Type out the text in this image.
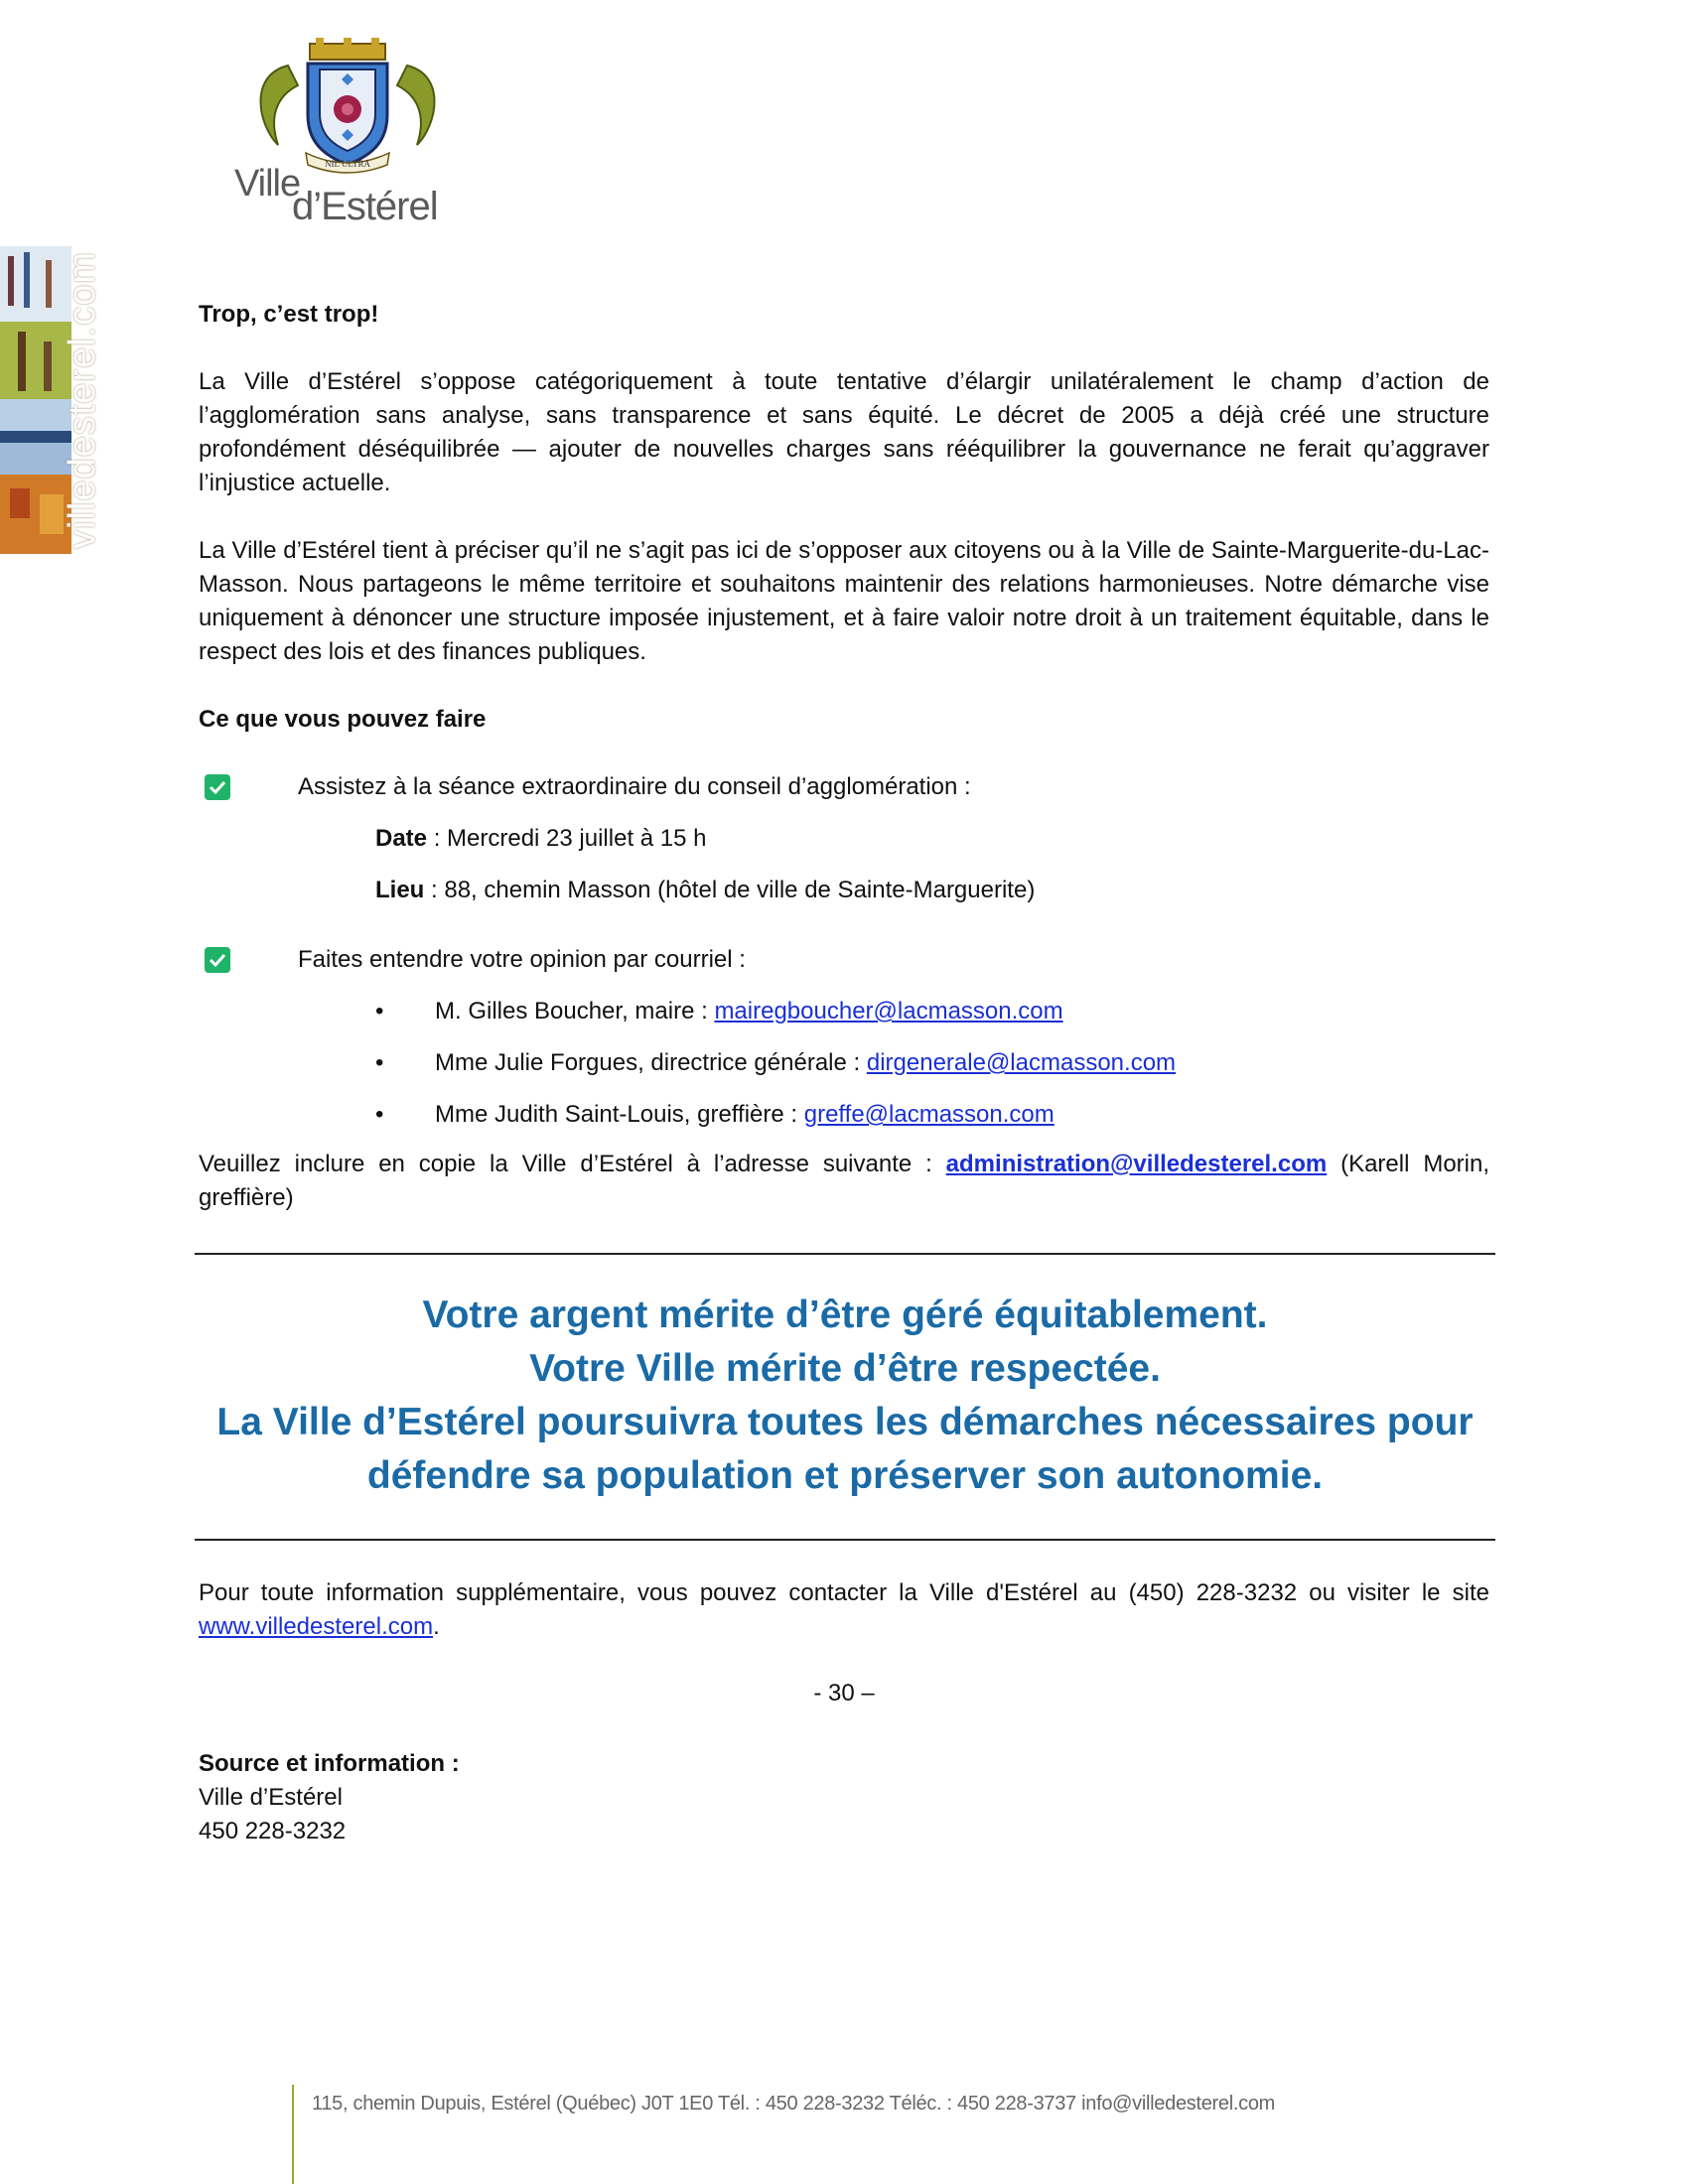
NIL ULTRA
Ville
d’Estérel
villedesterel.com	Trop, c’est trop!

La Ville d’Estérel s’oppose catégoriquement à toute tentative d’élargir unilatéralement le champ d’action de l’agglomération sans analyse, sans transparence et sans équité. Le décret de 2005 a déjà créé une structure profondément déséquilibrée — ajouter de nouvelles charges sans rééquilibrer la gouvernance ne ferait qu’aggraver l’injustice actuelle.

La Ville d’Estérel tient à préciser qu’il ne s’agit pas ici de s’opposer aux citoyens ou à la Ville de Sainte-Marguerite-du-Lac-Masson. Nous partageons le même territoire et souhaitons maintenir des relations harmonieuses. Notre démarche vise uniquement à dénoncer une structure imposée injustement, et à faire valoir notre droit à un traitement équitable, dans le respect des lois et des finances publiques.

Ce que vous pouvez faire

Assistez à la séance extraordinaire du conseil d’agglomération :

Date : Mercredi 23 juillet à 15 h

Lieu : 88, chemin Masson (hôtel de ville de Sainte-Marguerite)

Faites entendre votre opinion par courriel :

• M. Gilles Boucher, maire : mairegboucher@lacmasson.com

• Mme Julie Forgues, directrice générale : dirgenerale@lacmasson.com

• Mme Judith Saint-Louis, greffière : greffe@lacmasson.com

Veuillez inclure en copie la Ville d’Estérel à l’adresse suivante : administration@villedesterel.com (Karell Morin, greffière)

Votre argent mérite d’être géré équitablement.
Votre Ville mérite d’être respectée.
La Ville d’Estérel poursuivra toutes les démarches nécessaires pour
défendre sa population et préserver son autonomie.

Pour toute information supplémentaire, vous pouvez contacter la Ville d'Estérel au (450) 228-3232 ou visiter le site www.villedesterel.com.

- 30 –
Source et information :
Ville d’Estérel
450 228-3232
115, chemin Dupuis, Estérel (Québec) J0T 1E0 Tél. : 450 228-3232 Téléc. : 450 228-3737 info@villedesterel.com
